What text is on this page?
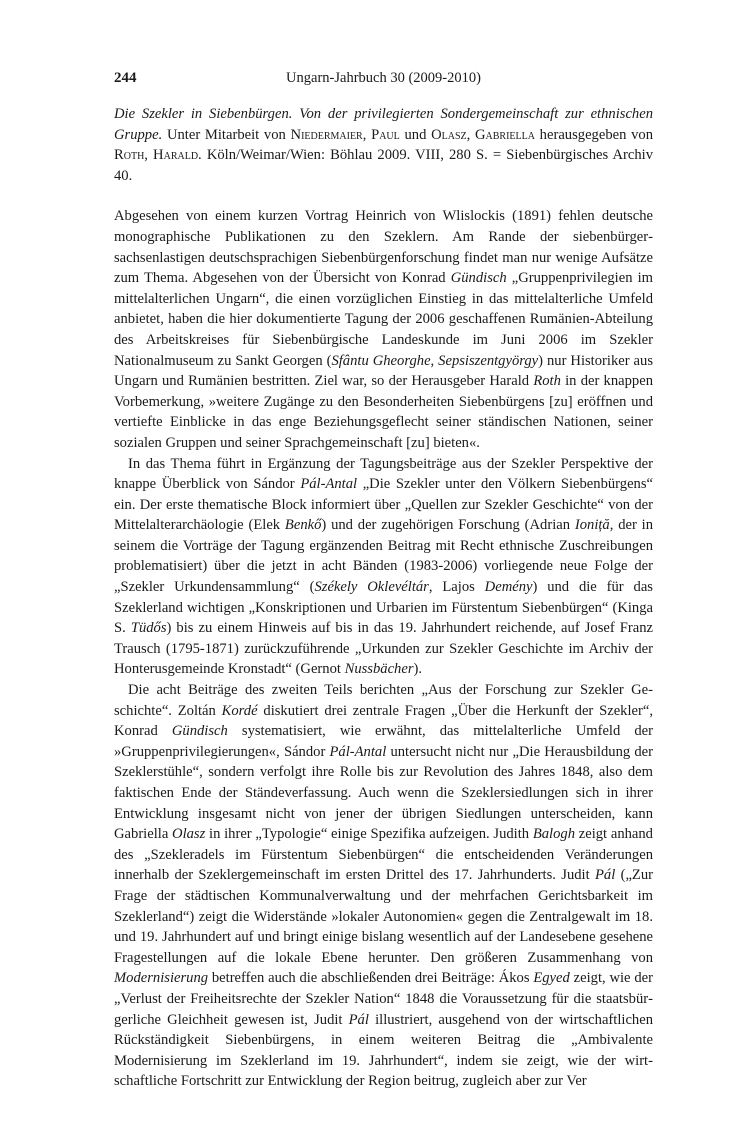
244	Ungarn-Jahrbuch 30 (2009-2010)

Die Szekler in Siebenbürgen. Von der privilegierten Sondergemeinschaft zur ethnischen Gruppe. Unter Mitarbeit von Niedermaier, Paul und Olasz, Gabriella herausgegeben von Roth, Harald. Köln/Weimar/Wien: Böhlau 2009. VIII, 280 S. = Siebenbürgisches Archiv 40.

Abgesehen von einem kurzen Vortrag Heinrich von Wlislockis (1891) fehlen deutsche monographische Publikationen zu den Szeklern. Am Rande der siebenbürgersachsenlastigen deutschsprachigen Siebenbürgenforschung findet man nur wenige Aufsätze zum Thema. Abgesehen von der Übersicht von Konrad Gündisch „Gruppenprivilegien im mittelalterlichen Ungarn“, die einen vorzüglichen Einstieg in das mittelalterliche Umfeld anbietet, haben die hier dokumentierte Tagung der 2006 geschaffenen Rumänien-Abteilung des Arbeitskreises für Siebenbürgische Landeskunde im Juni 2006 im Szekler Nationalmuseum zu Sankt Georgen (Sfântu Gheorghe, Sepsiszentgyörgy) nur Historiker aus Ungarn und Rumänien bestritten. Ziel war, so der Herausgeber Harald Roth in der knappen Vorbemerkung, »weitere Zugänge zu den Besonderheiten Siebenbürgens [zu] eröffnen und vertiefte Einblicke in das enge Beziehungsgeflecht seiner ständischen Nationen, seiner sozialen Gruppen und seiner Sprachgemeinschaft [zu] bieten«.

In das Thema führt in Ergänzung der Tagungsbeiträge aus der Szekler Perspektive der knappe Überblick von Sándor Pál-Antal „Die Szekler unter den Völkern Siebenbürgens“ ein. Der erste thematische Block informiert über „Quellen zur Szekler Geschichte“ von der Mittelalterarchäologie (Elek Benkő) und der zugehörigen Forschung (Adrian Ioniță, der in seinem die Vorträge der Tagung ergänzenden Beitrag mit Recht ethnische Zuschreibungen problematisiert) über die jetzt in acht Bänden (1983-2006) vorliegende neue Folge der „Szekler Urkundensammlung“ (Székely Oklevéltár, Lajos Demény) und die für das Szeklerland wichtigen „Konskriptionen und Urbarien im Fürstentum Siebenbürgen“ (Kinga S. Tüdős) bis zu einem Hinweis auf bis in das 19. Jahrhundert reichende, auf Josef Franz Trausch (1795-1871) zurückzuführende „Urkunden zur Szekler Geschichte im Archiv der Honterusgemeinde Kronstadt“ (Gernot Nussbächer).

Die acht Beiträge des zweiten Teils berichten „Aus der Forschung zur Szekler Geschichte“. Zoltán Kordé diskutiert drei zentrale Fragen „Über die Herkunft der Szekler“, Konrad Gündisch systematisiert, wie erwähnt, das mittelalterliche Umfeld der »Gruppenprivilegierungen«, Sándor Pál-Antal untersucht nicht nur „Die Herausbildung der Szeklerstühle“, sondern verfolgt ihre Rolle bis zur Revolution des Jahres 1848, also dem faktischen Ende der Ständeverfassung. Auch wenn die Szeklersiedlungen sich in ihrer Entwicklung insgesamt nicht von jener der übrigen Siedlungen unterscheiden, kann Gabriella Olasz in ihrer „Typologie“ einige Spezifika aufzeigen. Judith Balogh zeigt anhand des „Szekleradels im Fürstentum Siebenbürgen“ die entscheidenden Veränderungen innerhalb der Szeklergemeinschaft im ersten Drittel des 17. Jahrhunderts. Judit Pál („Zur Frage der städtischen Kommunalverwaltung und der mehrfachen Gerichtsbarkeit im Szeklerland“) zeigt die Widerstände »lokaler Autonomien« gegen die Zentralgewalt im 18. und 19. Jahrhundert auf und bringt einige bislang wesentlich auf der Landesebene gesehene Fragestellungen auf die lokale Ebene herunter. Den größeren Zusammenhang von Modernisierung betreffen auch die abschließenden drei Beiträge: Ákos Egyed zeigt, wie der „Verlust der Freiheitsrechte der Szekler Nation“ 1848 die Voraussetzung für die staatsbürgerliche Gleichheit gewesen ist, Judit Pál illustriert, ausgehend von der wirtschaftlichen Rückständigkeit Siebenbürgens, in einem weiteren Beitrag die „Ambivalente Modernisierung im Szeklerland im 19. Jahrhundert“, indem sie zeigt, wie der wirtschaftliche Fortschritt zur Entwicklung der Region beitrug, zugleich aber zur Ver
